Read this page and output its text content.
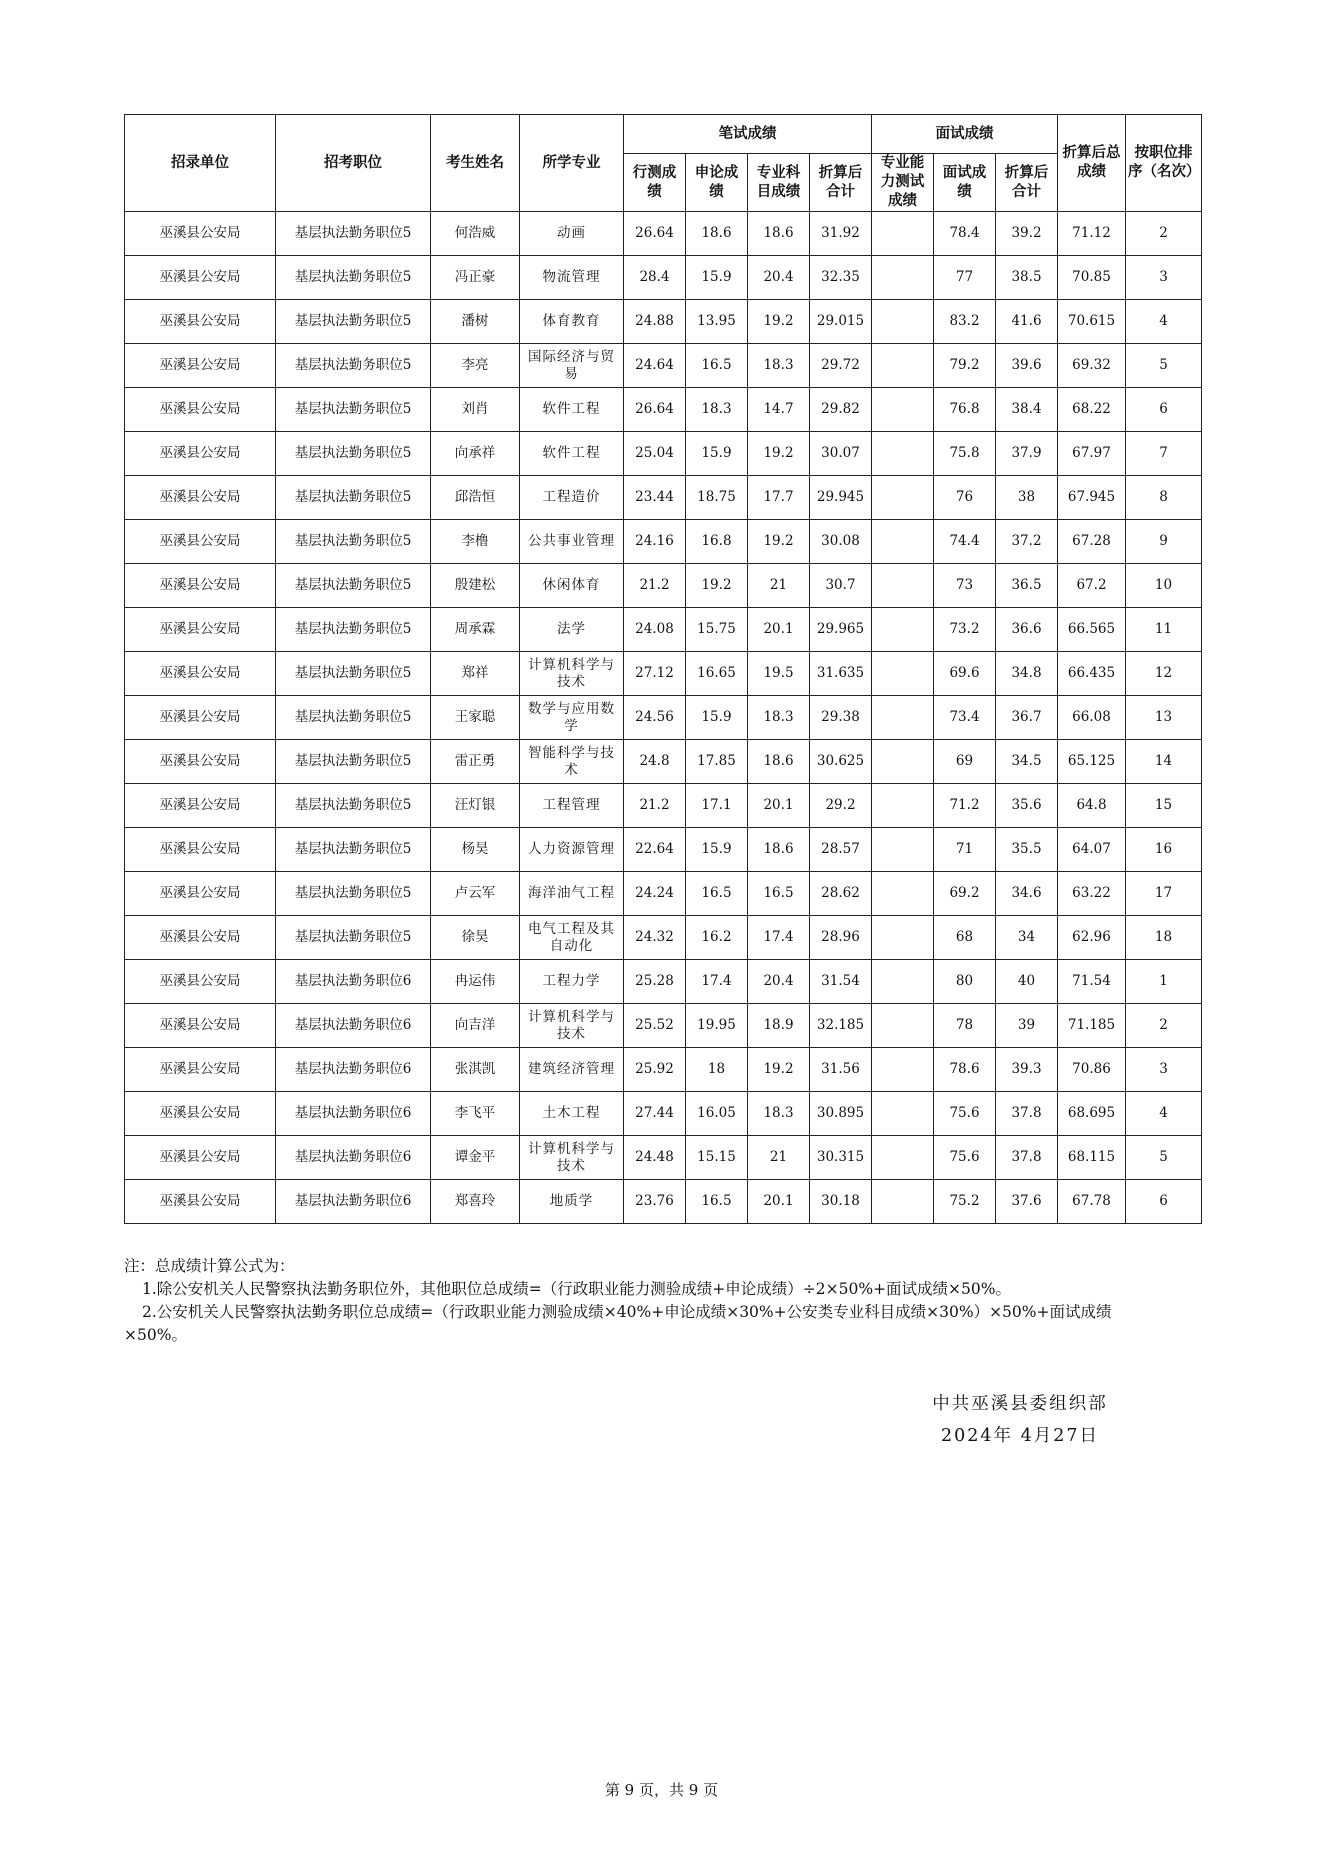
招录单位	招考职位	考生姓名	所学专业	笔试成绩				面试成绩			折算后总成绩	按职位排序（名次）
				行测成绩	申论成绩	专业科目成绩	折算后合计	专业能力测试成绩	面试成绩	折算后合计		
巫溪县公安局	基层执法勤务职位5	何浩威	动画	26.64	18.6	18.6	31.92		78.4	39.2	71.12	2
巫溪县公安局	基层执法勤务职位5	冯正豪	物流管理	28.4	15.9	20.4	32.35		77	38.5	70.85	3
巫溪县公安局	基层执法勤务职位5	潘树	体育教育	24.88	13.95	19.2	29.015		83.2	41.6	70.615	4
巫溪县公安局	基层执法勤务职位5	李亮	国际经济与贸易	24.64	16.5	18.3	29.72		79.2	39.6	69.32	5
巫溪县公安局	基层执法勤务职位5	刘肖	软件工程	26.64	18.3	14.7	29.82		76.8	38.4	68.22	6
巫溪县公安局	基层执法勤务职位5	向承祥	软件工程	25.04	15.9	19.2	30.07		75.8	37.9	67.97	7
巫溪县公安局	基层执法勤务职位5	邱浩恒	工程造价	23.44	18.75	17.7	29.945		76	38	67.945	8
巫溪县公安局	基层执法勤务职位5	李橹	公共事业管理	24.16	16.8	19.2	30.08		74.4	37.2	67.28	9
巫溪县公安局	基层执法勤务职位5	殷建松	休闲体育	21.2	19.2	21	30.7		73	36.5	67.2	10
巫溪县公安局	基层执法勤务职位5	周承霖	法学	24.08	15.75	20.1	29.965		73.2	36.6	66.565	11
巫溪县公安局	基层执法勤务职位5	郑祥	计算机科学与技术	27.12	16.65	19.5	31.635		69.6	34.8	66.435	12
巫溪县公安局	基层执法勤务职位5	王家聪	数学与应用数学	24.56	15.9	18.3	29.38		73.4	36.7	66.08	13
巫溪县公安局	基层执法勤务职位5	雷正勇	智能科学与技术	24.8	17.85	18.6	30.625		69	34.5	65.125	14
巫溪县公安局	基层执法勤务职位5	汪灯银	工程管理	21.2	17.1	20.1	29.2		71.2	35.6	64.8	15
巫溪县公安局	基层执法勤务职位5	杨昊	人力资源管理	22.64	15.9	18.6	28.57		71	35.5	64.07	16
巫溪县公安局	基层执法勤务职位5	卢云军	海洋油气工程	24.24	16.5	16.5	28.62		69.2	34.6	63.22	17
巫溪县公安局	基层执法勤务职位5	徐昊	电气工程及其自动化	24.32	16.2	17.4	28.96		68	34	62.96	18
巫溪县公安局	基层执法勤务职位6	冉运伟	工程力学	25.28	17.4	20.4	31.54		80	40	71.54	1
巫溪县公安局	基层执法勤务职位6	向吉洋	计算机科学与技术	25.52	19.95	18.9	32.185		78	39	71.185	2
巫溪县公安局	基层执法勤务职位6	张淇凯	建筑经济管理	25.92	18	19.2	31.56		78.6	39.3	70.86	3
巫溪县公安局	基层执法勤务职位6	李飞平	土木工程	27.44	16.05	18.3	30.895		75.6	37.8	68.695	4
巫溪县公安局	基层执法勤务职位6	谭金平	计算机科学与技术	24.48	15.15	21	30.315		75.6	37.8	68.115	5
巫溪县公安局	基层执法勤务职位6	郑喜玲	地质学	23.76	16.5	20.1	30.18		75.2	37.6	67.78	6

注：总成绩计算公式为：

1.除公安机关人民警察执法勤务职位外，其他职位总成绩=（行政职业能力测验成绩+申论成绩）÷2×50%+面试成绩×50%。

2.公安机关人民警察执法勤务职位总成绩=（行政职业能力测验成绩×40%+申论成绩×30%+公安类专业科目成绩×30%）×50%+面试成绩

×50%。

中共巫溪县委组织部
2024年 4月27日
第 9 页，共 9 页
